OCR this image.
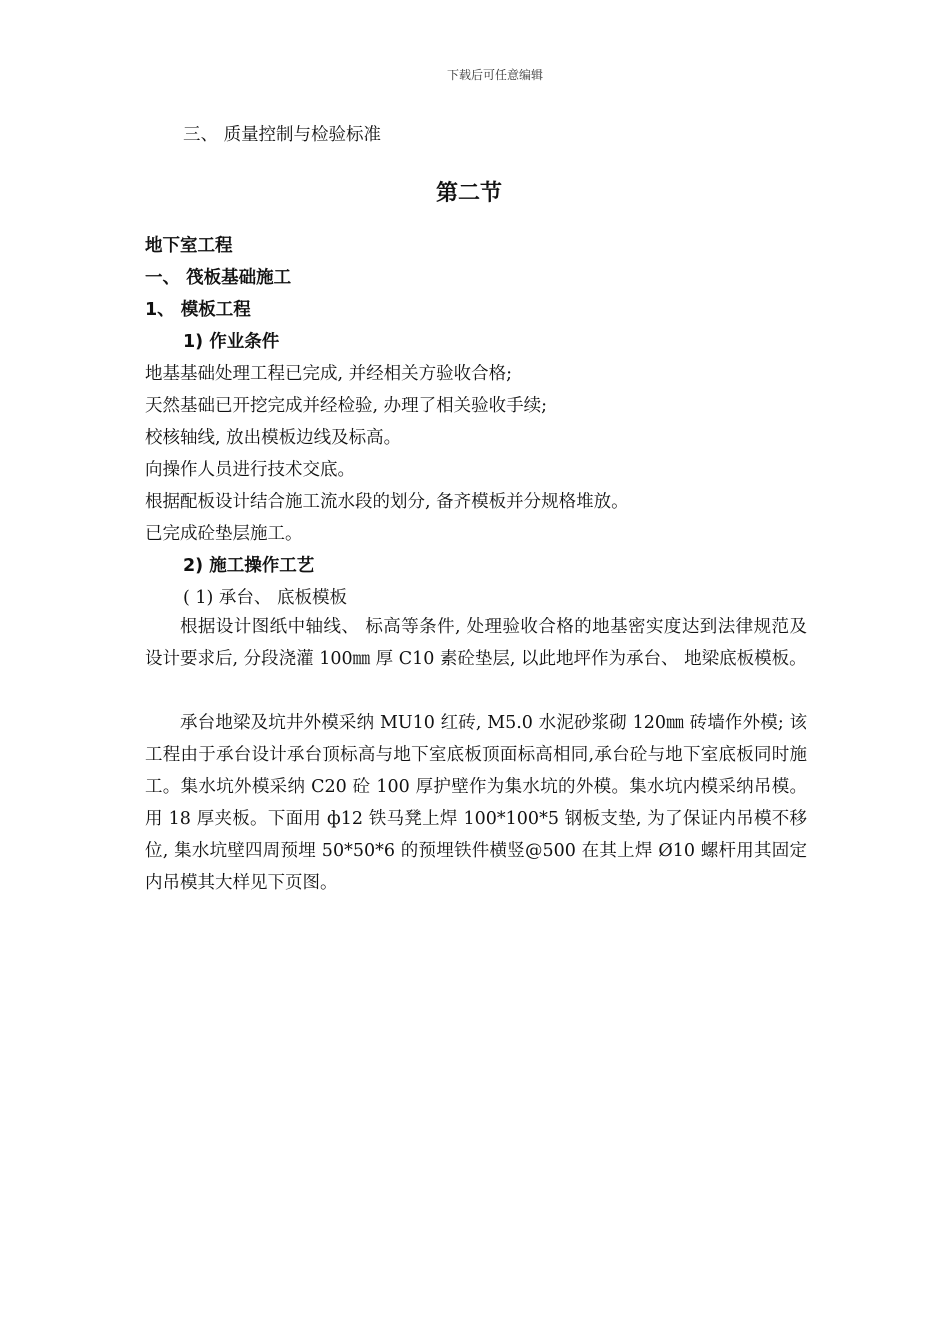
下载后可任意编辑
三、 质量控制与检验标准
第二节
地下室工程
一、 筏板基础施工
1、 模板工程
1) 作业条件
地基基础处理工程已完成, 并经相关方验收合格;
天然基础已开挖完成并经检验, 办理了相关验收手续;
校核轴线, 放出模板边线及标高。
向操作人员进行技术交底。
根据配板设计结合施工流水段的划分, 备齐模板并分规格堆放。
已完成砼垫层施工。
2) 施工操作工艺
( 1) 承台、 底板模板
根据设计图纸中轴线、 标高等条件, 处理验收合格的地基密实度达到法律规范及设计要求后, 分段浇灌 100㎜ 厚 C10 素砼垫层, 以此地坪作为承台、 地梁底板模板。
承台地梁及坑井外模采纳 MU10 红砖, M5.0 水泥砂浆砌 120㎜ 砖墙作外模; 该工程由于承台设计承台顶标高与地下室底板顶面标高相同,承台砼与地下室底板同时施工。集水坑外模采纳 C20 砼 100 厚护壁作为集水坑的外模。集水坑内模采纳吊模。用 18 厚夹板。下面用 ф12 铁马凳上焊 100*100*5 钢板支垫, 为了保证内吊模不移位, 集水坑壁四周预埋 50*50*6 的预埋铁件横竖@500 在其上焊 Ø10 螺杆用其固定内吊模其大样见下页图。
